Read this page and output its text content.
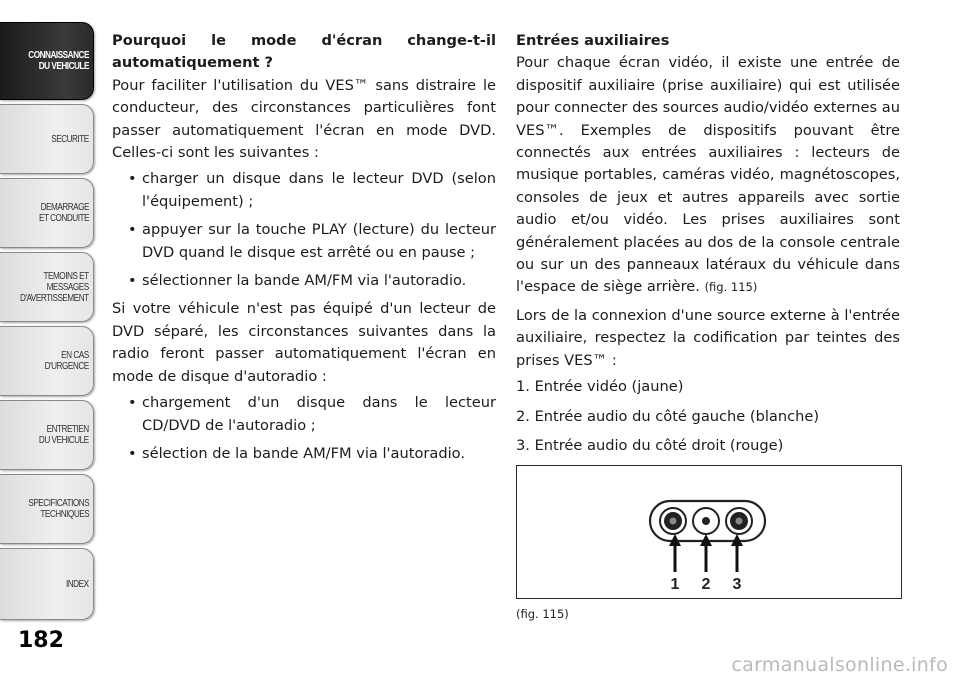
CONNAISSANCE
DU VEHICULE
SECURITE
DEMARRAGE
ET CONDUITE
TEMOINS ET
MESSAGES
D'AVERTISSEMENT
EN CAS
D'URGENCE
ENTRETIEN
DU VEHICULE
SPECIFICATIONS
TECHNIQUES
INDEX
182

Pourquoi le mode d'écran change-t-il automatiquement ?

Pour faciliter l'utilisation du VES™ sans distraire le conducteur, des circonstances particulières font passer automatiquement l'écran en mode DVD. Celles-ci sont les suivantes :

• charger un disque dans le lecteur DVD (selon l'équipement) ;
• appuyer sur la touche PLAY (lecture) du lecteur DVD quand le disque est arrêté ou en pause ;
• sélectionner la bande AM/FM via l'autoradio.

Si votre véhicule n'est pas équipé d'un lecteur de DVD séparé, les circonstances suivantes dans la radio feront passer automatiquement l'écran en mode de disque d'autoradio :

• chargement d'un disque dans le lecteur CD/DVD de l'autoradio ;
• sélection de la bande AM/FM via l'autoradio.

Entrées auxiliaires

Pour chaque écran vidéo, il existe une entrée de dispositif auxiliaire (prise auxiliaire) qui est utilisée pour connecter des sources audio/vidéo externes au VES™. Exemples de dispositifs pouvant être connectés aux entrées auxiliaires : lecteurs de musique portables, caméras vidéo, magnétoscopes, consoles de jeux et autres appareils avec sortie audio et/ou vidéo. Les prises auxiliaires sont généralement placées au dos de la console centrale ou sur un des panneaux latéraux du véhicule dans l'espace de siège arrière. (fig. 115)

Lors de la connexion d'une source externe à l'entrée auxiliaire, respectez la codification par teintes des prises VES™ :

1. Entrée vidéo (jaune)
2. Entrée audio du côté gauche (blanche)
3. Entrée audio du côté droit (rouge)
1 2 3
(fig. 115)
carmanualsonline.info
